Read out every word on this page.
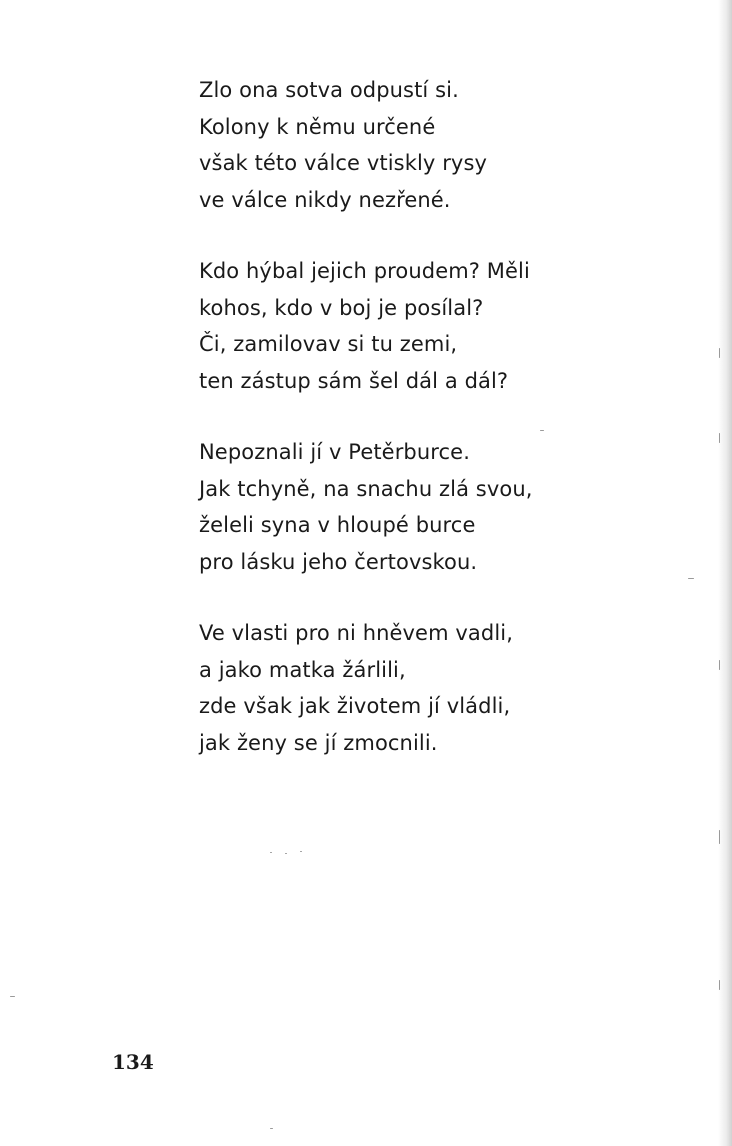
Zlo ona sotva odpustí si.
Kolony k němu určené
však této válce vtiskly rysy
ve válce nikdy nezřené.
Kdo hýbal jejich proudem? Měli
kohos, kdo v boj je posílal?
Či, zamilovav si tu zemi,
ten zástup sám šel dál a dál?
Nepoznali jí v Petěrburce.
Jak tchyně, na snachu zlá svou,
želeli syna v hloupé burce
pro lásku jeho čertovskou.
Ve vlasti pro ni hněvem vadli,
a jako matka žárlili,
zde však jak životem jí vládli,
jak ženy se jí zmocnili.
134
